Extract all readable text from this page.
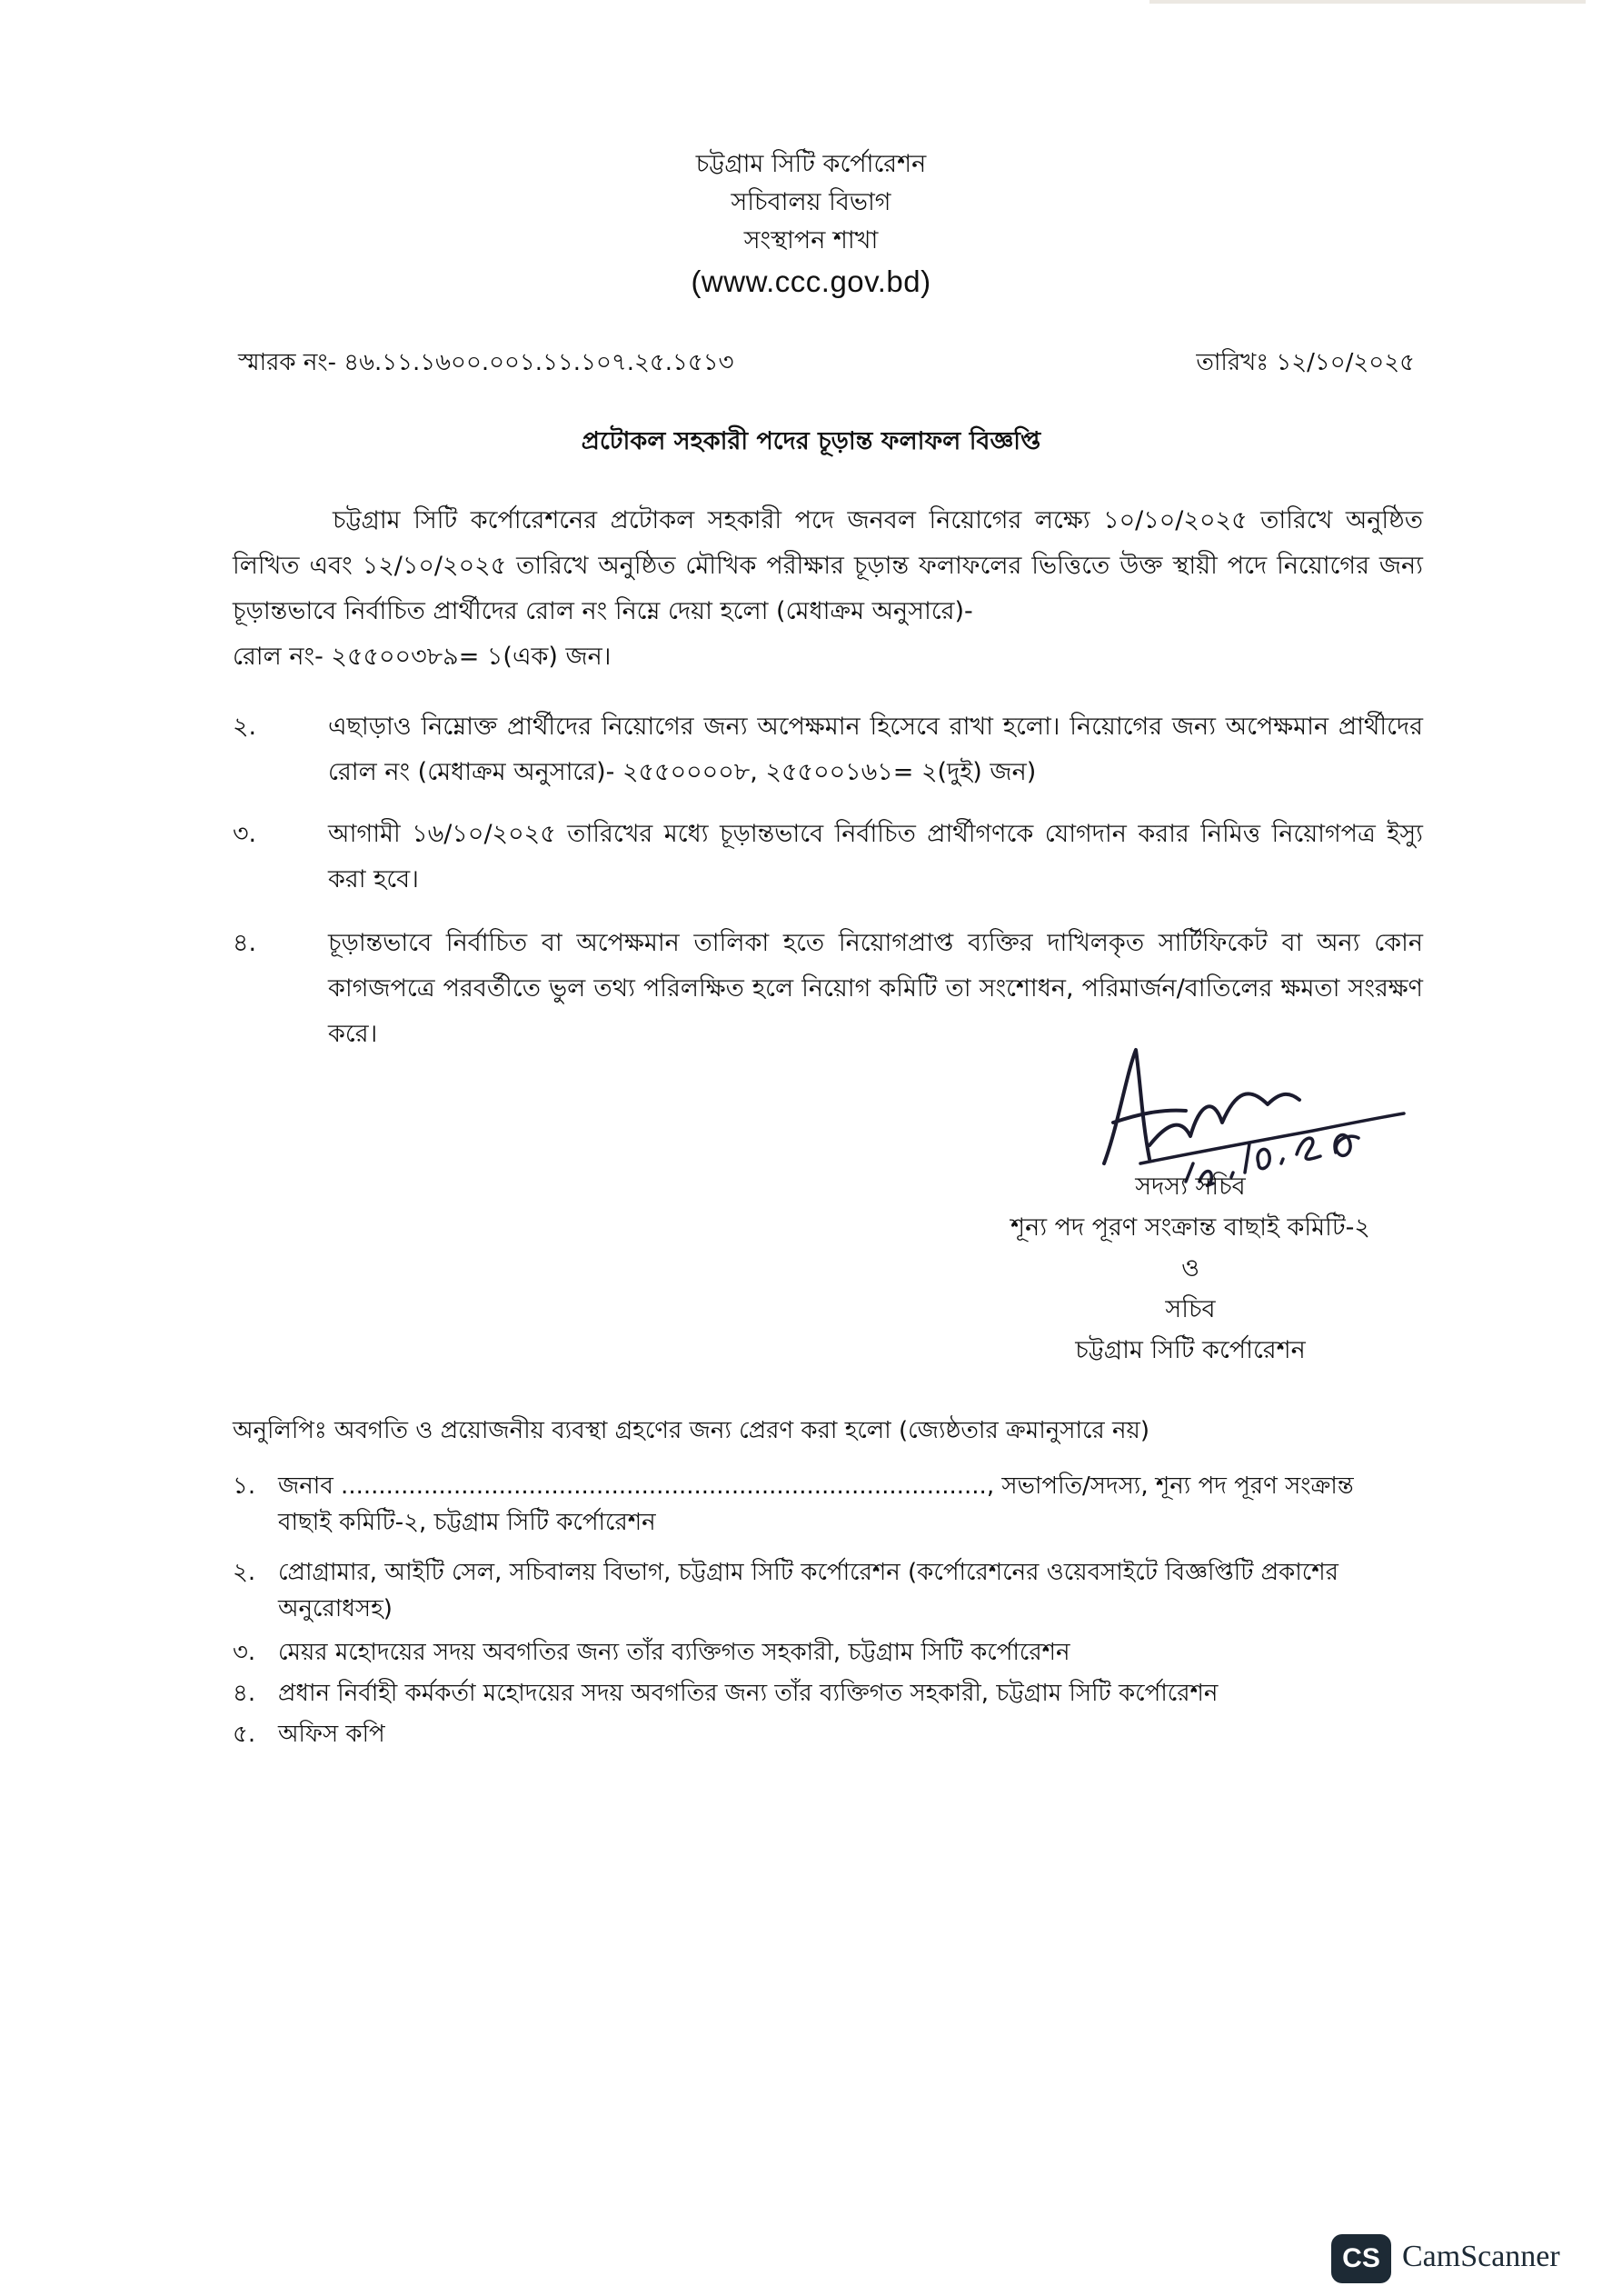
চট্টগ্রাম সিটি কর্পোরেশন
সচিবালয় বিভাগ
সংস্থাপন শাখা
(www.ccc.gov.bd)
স্মারক নং- ৪৬.১১.১৬০০.০০১.১১.১০৭.২৫.১৫১৩	তারিখঃ ১২/১০/২০২৫
প্রটোকল সহকারী পদের চূড়ান্ত ফলাফল বিজ্ঞপ্তি

চট্টগ্রাম সিটি কর্পোরেশনের প্রটোকল সহকারী পদে জনবল নিয়োগের লক্ষ্যে ১০/১০/২০২৫ তারিখে অনুষ্ঠিত লিখিত এবং ১২/১০/২০২৫ তারিখে অনুষ্ঠিত মৌখিক পরীক্ষার চূড়ান্ত ফলাফলের ভিত্তিতে উক্ত স্থায়ী পদে নিয়োগের জন্য চূড়ান্তভাবে নির্বাচিত প্রার্থীদের রোল নং নিম্নে দেয়া হলো (মেধাক্রম অনুসারে)-

রোল নং- ২৫৫০০৩৮৯= ১(এক) জন।

২.	এছাড়াও নিম্নোক্ত প্রার্থীদের নিয়োগের জন্য অপেক্ষমান হিসেবে রাখা হলো। নিয়োগের জন্য অপেক্ষমান প্রার্থীদের রোল নং (মেধাক্রম অনুসারে)- ২৫৫০০০০৮, ২৫৫০০১৬১= ২(দুই) জন)
৩.	আগামী ১৬/১০/২০২৫ তারিখের মধ্যে চূড়ান্তভাবে নির্বাচিত প্রার্থীগণকে যোগদান করার নিমিত্ত নিয়োগপত্র ইস্যু করা হবে।
৪.	চূড়ান্তভাবে নির্বাচিত বা অপেক্ষমান তালিকা হতে নিয়োগপ্রাপ্ত ব্যক্তির দাখিলকৃত সার্টিফিকেট বা অন্য কোন কাগজপত্রে পরবর্তীতে ভুল তথ্য পরিলক্ষিত হলে নিয়োগ কমিটি তা সংশোধন, পরিমার্জন/বাতিলের ক্ষমতা সংরক্ষণ করে।
সদস্য সচিব
শূন্য পদ পূরণ সংক্রান্ত বাছাই কমিটি-২
ও
সচিব
চট্টগ্রাম সিটি কর্পোরেশন
অনুলিপিঃ অবগতি ও প্রয়োজনীয় ব্যবস্থা গ্রহণের জন্য প্রেরণ করা হলো (জ্যেষ্ঠতার ক্রমানুসারে নয়)
১. জনাব ......................................................................................, সভাপতি/সদস্য, শূন্য পদ পূরণ সংক্রান্ত বাছাই কমিটি-২, চট্টগ্রাম সিটি কর্পোরেশন
২. প্রোগ্রামার, আইটি সেল, সচিবালয় বিভাগ, চট্টগ্রাম সিটি কর্পোরেশন (কর্পোরেশনের ওয়েবসাইটে বিজ্ঞপ্তিটি প্রকাশের অনুরোধসহ)
৩. মেয়র মহোদয়ের সদয় অবগতির জন্য তাঁর ব্যক্তিগত সহকারী, চট্টগ্রাম সিটি কর্পোরেশন
৪. প্রধান নির্বাহী কর্মকর্তা মহোদয়ের সদয় অবগতির জন্য তাঁর ব্যক্তিগত সহকারী, চট্টগ্রাম সিটি কর্পোরেশন
৫. অফিস কপি
CS CamScanner
